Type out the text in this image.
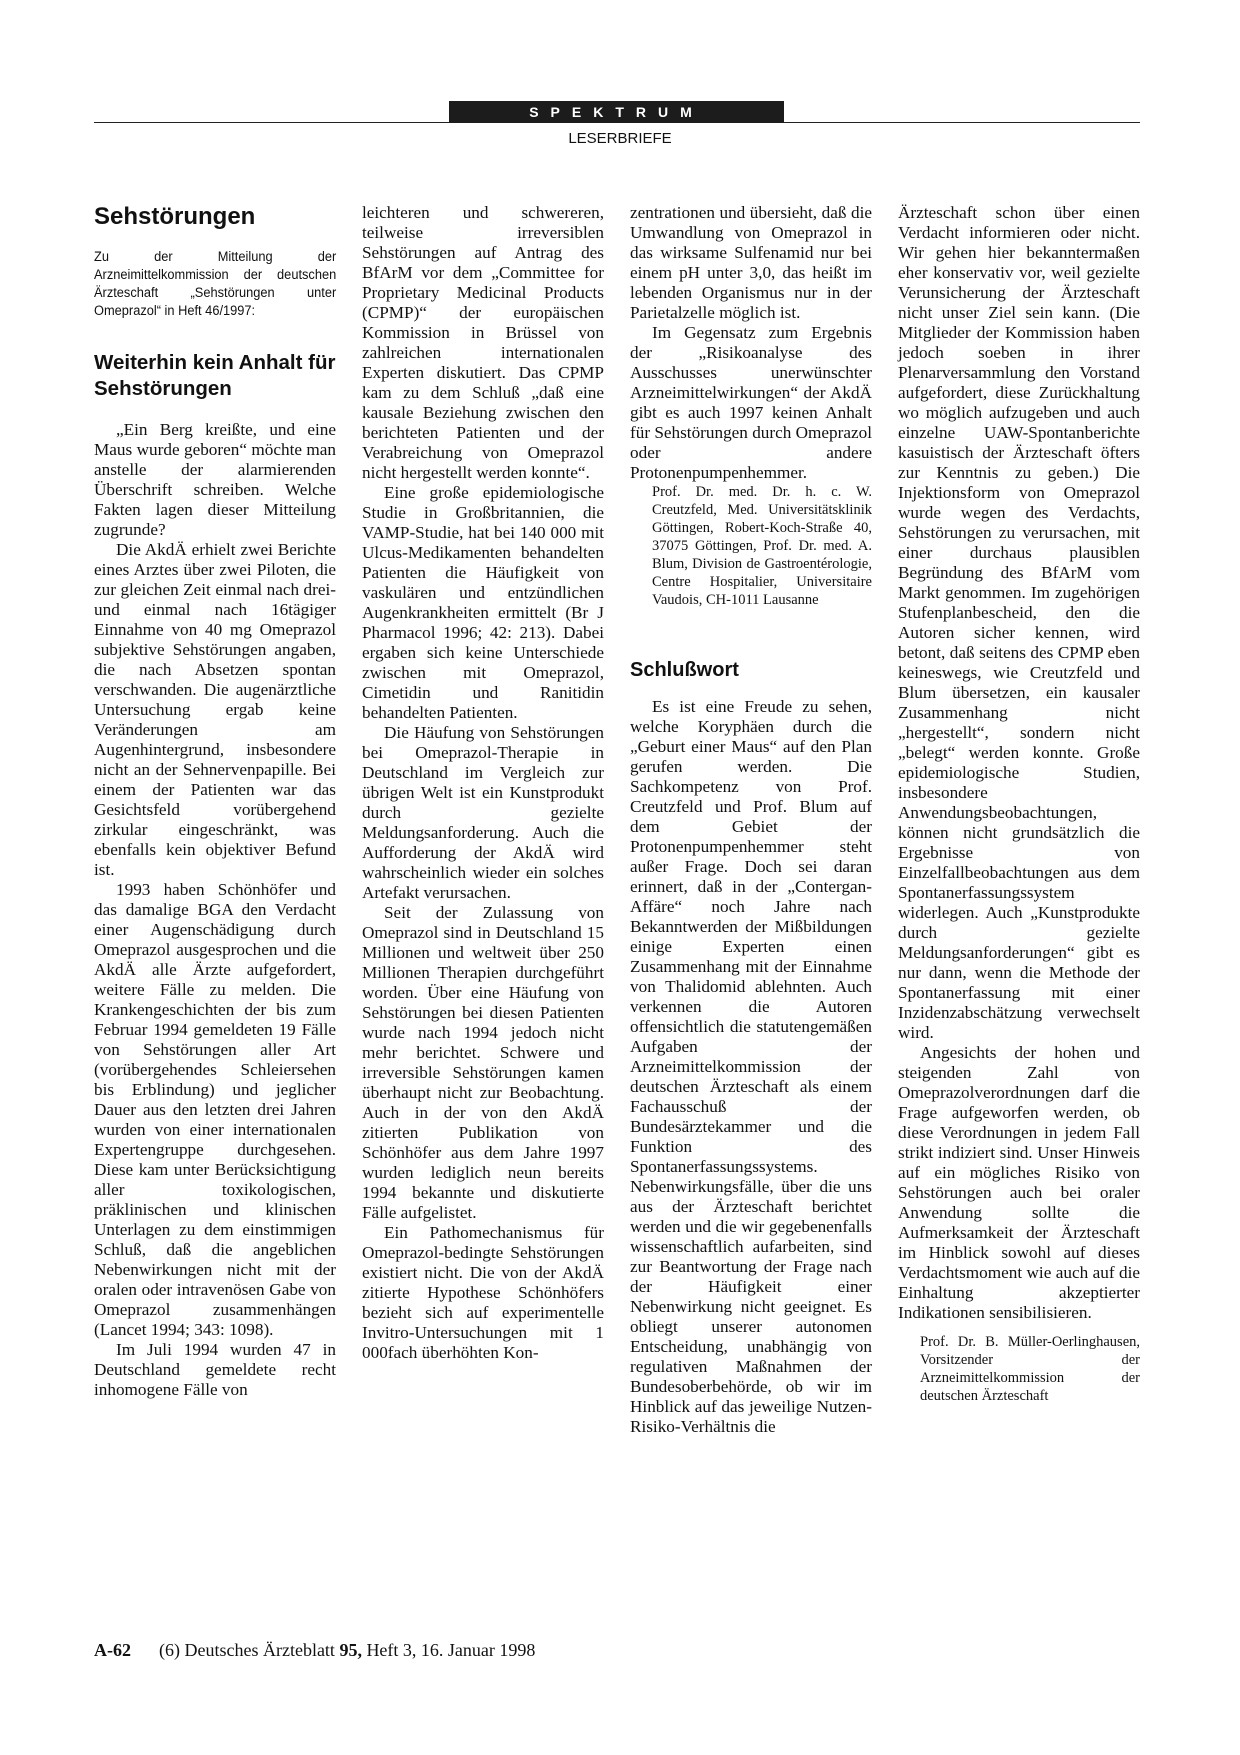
SPEKTRUM
LESERBRIEFE
Sehstörungen

Zu der Mitteilung der Arzneimittelkommission der deutschen Ärzteschaft „Sehstörungen unter Omeprazol“ in Heft 46/1997:

Weiterhin kein Anhalt für Sehstörungen

„Ein Berg kreißte, und eine Maus wurde geboren“ möchte man anstelle der alarmierenden Überschrift schreiben. Welche Fakten lagen dieser Mitteilung zugrunde?

Die AkdÄ erhielt zwei Berichte eines Arztes über zwei Piloten, die zur gleichen Zeit einmal nach drei- und einmal nach 16tägiger Einnahme von 40 mg Omeprazol subjektive Sehstörungen angaben, die nach Absetzen spontan verschwanden. Die augenärztliche Untersuchung ergab keine Veränderungen am Augenhintergrund, insbesondere nicht an der Sehnervenpapille. Bei einem der Patienten war das Gesichtsfeld vorübergehend zirkular eingeschränkt, was ebenfalls kein objektiver Befund ist.

1993 haben Schönhöfer und das damalige BGA den Verdacht einer Augenschädigung durch Omeprazol ausgesprochen und die AkdÄ alle Ärzte aufgefordert, weitere Fälle zu melden. Die Krankengeschichten der bis zum Februar 1994 gemeldeten 19 Fälle von Sehstörungen aller Art (vorübergehendes Schleiersehen bis Erblindung) und jeglicher Dauer aus den letzten drei Jahren wurden von einer internationalen Expertengruppe durchgesehen. Diese kam unter Berücksichtigung aller toxikologischen, präklinischen und klinischen Unterlagen zu dem einstimmigen Schluß, daß die angeblichen Nebenwirkungen nicht mit der oralen oder intravenösen Gabe von Omeprazol zusammenhängen (Lancet 1994; 343: 1098).

Im Juli 1994 wurden 47 in Deutschland gemeldete recht inhomogene Fälle von

leichteren und schwereren, teilweise irreversiblen Sehstörungen auf Antrag des BfArM vor dem „Committee for Proprietary Medicinal Products (CPMP)“ der europäischen Kommission in Brüssel von zahlreichen internationalen Experten diskutiert. Das CPMP kam zu dem Schluß „daß eine kausale Beziehung zwischen den berichteten Patienten und der Verabreichung von Omeprazol nicht hergestellt werden konnte“.

Eine große epidemiologische Studie in Großbritannien, die VAMP-Studie, hat bei 140 000 mit Ulcus-Medikamenten behandelten Patienten die Häufigkeit von vaskulären und entzündlichen Augenkrankheiten ermittelt (Br J Pharmacol 1996; 42: 213). Dabei ergaben sich keine Unterschiede zwischen mit Omeprazol, Cimetidin und Ranitidin behandelten Patienten.

Die Häufung von Sehstörungen bei Omeprazol-Therapie in Deutschland im Vergleich zur übrigen Welt ist ein Kunstprodukt durch gezielte Meldungsanforderung. Auch die Aufforderung der AkdÄ wird wahrscheinlich wieder ein solches Artefakt verursachen.

Seit der Zulassung von Omeprazol sind in Deutschland 15 Millionen und weltweit über 250 Millionen Therapien durchgeführt worden. Über eine Häufung von Sehstörungen bei diesen Patienten wurde nach 1994 jedoch nicht mehr berichtet. Schwere und irreversible Sehstörungen kamen überhaupt nicht zur Beobachtung. Auch in der von den AkdÄ zitierten Publikation von Schönhöfer aus dem Jahre 1997 wurden lediglich neun bereits 1994 bekannte und diskutierte Fälle aufgelistet.

Ein Pathomechanismus für Omeprazol-bedingte Sehstörungen existiert nicht. Die von der AkdÄ zitierte Hypothese Schönhöfers bezieht sich auf experimentelle Invitro-Untersuchungen mit 1 000fach überhöhten Kon-

zentrationen und übersieht, daß die Umwandlung von Omeprazol in das wirksame Sulfenamid nur bei einem pH unter 3,0, das heißt im lebenden Organismus nur in der Parietalzelle möglich ist.

Im Gegensatz zum Ergebnis der „Risikoanalyse des Ausschusses unerwünschter Arzneimittelwirkungen“ der AkdÄ gibt es auch 1997 keinen Anhalt für Sehstörungen durch Omeprazol oder andere Protonenpumpenhemmer.

Prof. Dr. med. Dr. h. c. W. Creutzfeld, Med. Universitätsklinik Göttingen, Robert-Koch-Straße 40, 37075 Göttingen, Prof. Dr. med. A. Blum, Division de Gastroentérologie, Centre Hospitalier, Universitaire Vaudois, CH-1011 Lausanne

Schlußwort

Es ist eine Freude zu sehen, welche Koryphäen durch die „Geburt einer Maus“ auf den Plan gerufen werden. Die Sachkompetenz von Prof. Creutzfeld und Prof. Blum auf dem Gebiet der Protonenpumpenhemmer steht außer Frage. Doch sei daran erinnert, daß in der „Contergan-Affäre“ noch Jahre nach Bekanntwerden der Mißbildungen einige Experten einen Zusammenhang mit der Einnahme von Thalidomid ablehnten. Auch verkennen die Autoren offensichtlich die statutengemäßen Aufgaben der Arzneimittelkommission der deutschen Ärzteschaft als einem Fachausschuß der Bundesärztekammer und die Funktion des Spontanerfassungssystems. Nebenwirkungsfälle, über die uns aus der Ärzteschaft berichtet werden und die wir gegebenenfalls wissenschaftlich aufarbeiten, sind zur Beantwortung der Frage nach der Häufigkeit einer Nebenwirkung nicht geeignet. Es obliegt unserer autonomen Entscheidung, unabhängig von regulativen Maßnahmen der Bundesoberbehörde, ob wir im Hinblick auf das jeweilige Nutzen-Risiko-Verhältnis die

Ärzteschaft schon über einen Verdacht informieren oder nicht. Wir gehen hier bekanntermaßen eher konservativ vor, weil gezielte Verunsicherung der Ärzteschaft nicht unser Ziel sein kann. (Die Mitglieder der Kommission haben jedoch soeben in ihrer Plenarversammlung den Vorstand aufgefordert, diese Zurückhaltung wo möglich aufzugeben und auch einzelne UAW-Spontanberichte kasuistisch der Ärzteschaft öfters zur Kenntnis zu geben.) Die Injektionsform von Omeprazol wurde wegen des Verdachts, Sehstörungen zu verursachen, mit einer durchaus plausiblen Begründung des BfArM vom Markt genommen. Im zugehörigen Stufenplanbescheid, den die Autoren sicher kennen, wird betont, daß seitens des CPMP eben keineswegs, wie Creutzfeld und Blum übersetzen, ein kausaler Zusammenhang nicht „hergestellt“, sondern nicht „belegt“ werden konnte. Große epidemiologische Studien, insbesondere Anwendungsbeobachtungen, können nicht grundsätzlich die Ergebnisse von Einzelfallbeobachtungen aus dem Spontanerfassungssystem widerlegen. Auch „Kunstprodukte durch gezielte Meldungsanforderungen“ gibt es nur dann, wenn die Methode der Spontanerfassung mit einer Inzidenzabschätzung verwechselt wird.

Angesichts der hohen und steigenden Zahl von Omeprazolverordnungen darf die Frage aufgeworfen werden, ob diese Verordnungen in jedem Fall strikt indiziert sind. Unser Hinweis auf ein mögliches Risiko von Sehstörungen auch bei oraler Anwendung sollte die Aufmerksamkeit der Ärzteschaft im Hinblick sowohl auf dieses Verdachtsmoment wie auch auf die Einhaltung akzeptierter Indikationen sensibilisieren.

Prof. Dr. B. Müller-Oerlinghausen, Vorsitzender der Arzneimittelkommission der deutschen Ärzteschaft

A-62 (6) Deutsches Ärzteblatt 95, Heft 3, 16. Januar 1998
